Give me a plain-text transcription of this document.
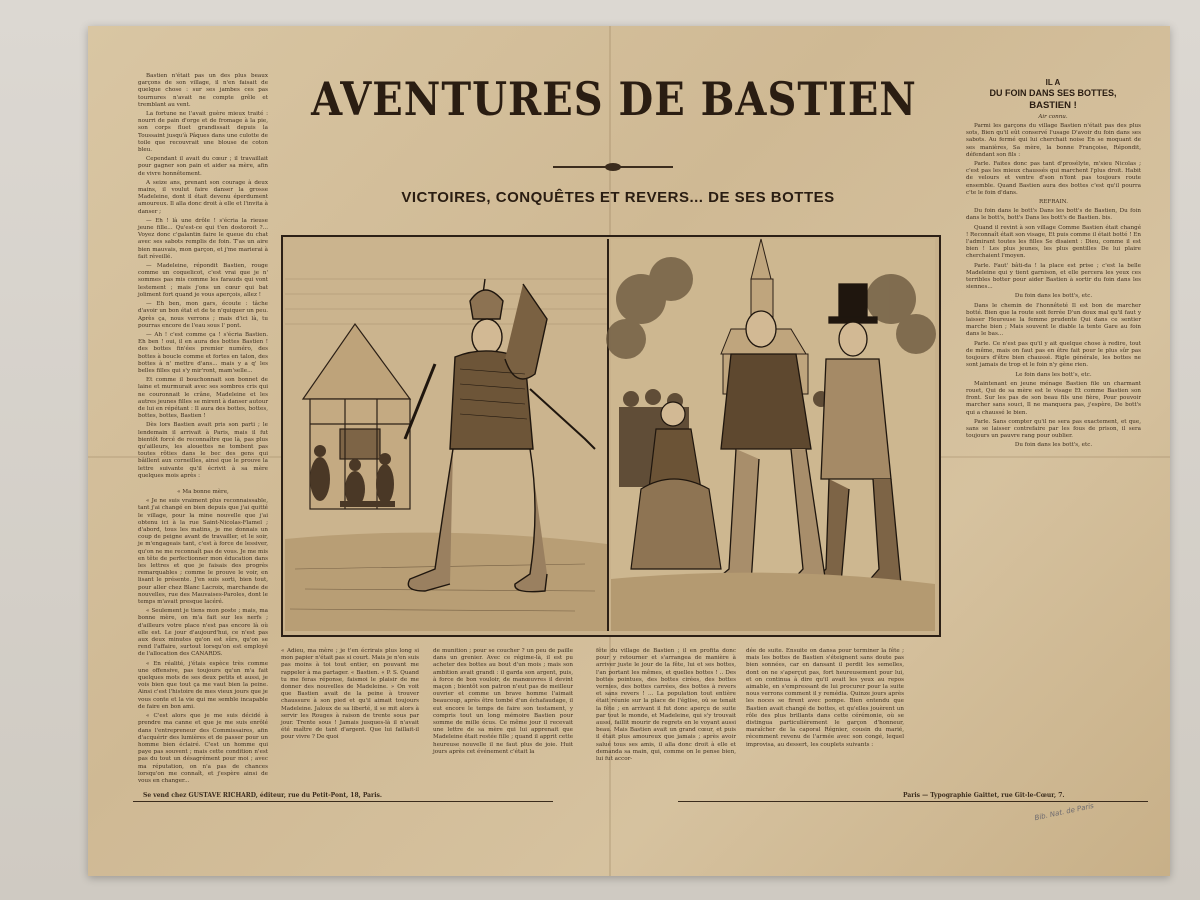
Bastien n'était pas un des plus beaux garçons de son village, il n'en faisait de quelque chose : sur ses jambes ces pas tournures n'avait ne compte grêle et tremblant au vent.

La fortune ne l'avait guère mieux traité : nourri de pain d'orge et de fromage à la pie, son corps fluet grandissait depuis la Toussaint jusqu'à Pâques dans une culotte de toile que recouvrait une blouse de coton bleu.

Cependant il avait du cœur ; il travaillait pour gagner son pain et aider sa mère, afin de vivre honnêtement.

A seize ans, prenant son courage à deux mains, il voulut faire danser la grosse Madeleine, dont il était devenu éperdument amoureux. Il alla donc droit à elle et l'invita à danser ;

— Eh ! là une drôle ! s'écria la rieuse jeune fille... Qu'est-ce qui t'en dostoroit ?... Voyez donc c'galantin faire le queue du chat avec ses sabots remplis de foin. T'as un aire bien mauvais, mon garçon, et j'me marierai à fait réveillé.

— Madeleine, répondit Bastien, rouge comme un coquelicot, c'est vrai que je n' sommes pas mis comme les farauds qui vont lestement ; mais j'ons un cœur qui bat joliment fort quand je vous aperçois, allez !

— Eh ben, mon gars, écoute : tâche d'avoir un bon état et de te n'quiquer un peu. Après ça, nous verrons ; mais d'ici là, tu pourras encore de l'eau sous l' pont.

— Ah ! c'est comme ça ! s'écria Bastien. Eh ben ! oui, il en aura des bottes Bastien ! des bottes fin'ées premier numéro, des bottes à boucle comme et fortes en talon, des bottes à n' mettre d'ans... mais y a q' les belles filles qui s'y mir'ront, mam'selle...

Et comme il bouchonnait son bonnet de laine et murmurait avec ses sombres cris qui ne couronnait le crâne, Madeleine et les autres jeunes filles se mirent à danser autour de lui en répétant : Il aura des bottes, bottes, bottes, bottes, Bastien !

Dès lors Bastien avait pris son parti ; le lendemain il arrivait à Paris, mais il fut bientôt forcé de reconnaître que là, pas plus qu'ailleurs, les alouettes ne tombent pas toutes rôties dans le bec des gens qui bâillent aux corneilles, ainsi que le prouve la lettre suivante qu'il écrivit à sa mère quelques mois après :

« Ma bonne mère,

« Je ne suis vraiment plus reconnaissable, tant j'ai changé en bien depuis que j'ai quitté le village, pour la mine nouvelle que j'ai obtenu ici à la rue Saint-Nicolas-Flamel ; d'abord, tous les matins, je me donnais un coup de peigne avant de travailler, et le soir, je m'engageais tant, c'est à force de lessiver, qu'on ne me reconnaît pas de vous. Je me mis en tête de perfectionner mon éducation dans les lettres et que je faisais des progrès remarquables ; comme le prouve le voir, en lisant le présente. J'en suis sorti, bien tout, pour aller chez Blanc Lacroix, marchande de nouvelles, rue des Mauvaises-Paroles, dont le temps m'avait presque lacéré.

« Seulement je tiens mon poste ; mais, ma bonne mère, on m'a fait sur les nerfs ; d'ailleurs votre place n'est pas encore là où elle est. Le jour d'aujourd'hui, ce n'est pas aux deux minutes qu'on est sûrs, qu'on se rend l'affaire, surtout lorsqu'on est employé de l'allocation des CANARDS.

« En réalité, j'étais espèce très comme une offensive, pas toujours qu'un m'a fait quelques mots de ses deux petits et aussi, je vois bien que tout ça me vaut bien la peine. Ainsi c'est l'histoire de mes vieux jours que je vous conte et la vie qui me semble incapable de faire en bon ami.

« C'est alors que je me suis décidé à prendre ma canne et que je me suis enrôlé dans l'entrepreneur des Commissaires, afin d'acquérir des lumières et de passer pour un homme bien éclairé. C'est un homme qui paye pas souvent ; mais cette condition n'est pas du tout un désagrément pour moi ; avec ma réputation, on n'a pas de chances lorsqu'on me connaît, et j'espère ainsi de vous en changer...

AVENTURES DE BASTIEN
VICTOIRES, CONQUÊTES ET REVERS... DE SES BOTTES
IL A
DU FOIN DANS SES BOTTES,
BASTIEN !
Air connu.

Parmi les garçons du village Bastien n'était pas des plus sots, Bien qu'il eût conservé l'usage D'avoir du foin dans ses sabots. Au fermé qui lui cherchait noise En se moquant de ses manières, Sa mère, la bonne Françoise, Répondit, défendant son fils :

Parle. Faites donc pas tant d'prosélyte, m'sieu Nicolas ; c'est pas les mieux chaussés qui marchent l'plus droit. Habit de velours et ventre d'son n'font pas toujours route ensemble. Quand Bastien aura des bottes c'est qu'il pourra c'te le foin d'dans.

REFRAIN.

Du foin dans le bott's Dans les bott's de Bastien, Du foin dans le bott's, bott's Dans les bott's de Bastien. bis.

Quand il revint à son village Comme Bastien était changé ! Reconnaît était son visage, Et puis comme il était botté ! En l'admirant toutes les filles Se disaient : Dieu, comme il est bien ! Les plus jeunes, les plus gentilles De lui plaire cherchaient l'moyen.

Parle. Faut' bâti-da ! la place est prise ; c'est la belle Madeleine qui y tient garnison, et elle percera les yeux ces terribles botter pour aider Bastien à sortir du foin dans les siennes...

Du foin dans les bott's, etc.

Dans le chemin de l'honnêteté Il est bon de marcher botté. Bien que la route soit ferrée D'un doux mal qu'il faut y laisser Heureuse la femme prudente Qui dans ce sentier marche bien ; Mais souvent le diable la tente Gare au foin dans le bas...

Parle. Ce n'est pas qu'il y ait quelque chose à redire, tout de même, mais on faut pas en être fait pour le plus sûr pas toujours d'être bien chaussé. Rigle générale, les bottes ne sont jamais de trop et le foin n'y gène rien.

Le foin dans les bott's, etc.

Maintenant en jeune ménage Bastien file un charmant rouet, Qui de sa mère est le visage Et comme Bastien son front. Sur les pas de son beau fils une fière, Pour pouvoir marcher sans souci, Il ne manquera pas, j'espère, De bott's qui a chaussé le bien.

Parle. Sans compter qu'il ne sera pas exactement, et que, sans se laisser contrefaire par les fous de prison, il sera toujours un pauvre rang pour oublier.

Du foin dans les bott's, etc.

« Adieu, ma mère ; je t'en écrirais plus long si mon papier n'était pas si court. Mais je n'en suis pas moins à toi tout entier, en pouvant me rappeler à ma partager. « Bastien. « P. S. Quand tu me feras réponse, faismoi le plaisir de me donner des nouvelles de Madeleine. » On voit que Bastien avait de la peine à trouver chaussure à son pied et qu'il aimait toujours Madeleine. Jaloux de sa liberté, il se mit alors à servir les Rouges à raison de trente sous par jour. Trente sous ! Jamais jusques-là il n'avait été maître de tant d'argent. Que lui faillait-il pour vivre ? De quoi
de munition ; pour se coucher ? un peu de paille dans un grenier. Avec ce régime-là, il est pu acheter des bottes au bout d'un mois ; mais son ambition avait grandi : il garda son argent, puis, à force de bon vouloir, de manœuvres il devint maçon ; bientôt son patron n'eut pas de meilleur ouvrier et comme un brave homme l'aimait beaucoup, après être tombé d'un échafaudage, il eut encore le temps de faire son testament, y compris tout un long mémoire Bastien pour somme de mille écus. Ce même jour il recevait une lettre de sa mère qui lui apprenait que Madeleine était restée fille ; quand il apprit cette heureuse nouvelle il ne faut plus de joie. Huit jours après cet événement c'était la
fête du village de Bastien ; il en profita donc pour y retourner et s'arrangea de manière à arriver juste le jour de la fête, lui et ses bottes, l'an portant les mêmes, et quelles bottes ! .. Des bottes pointues, des bottes cirées, des bottes vernies, des bottes carrées, des bottes à revers et sans revers ! ... La population tout entière était réunie sur la place de l'église, où se tenait la fête ; en arrivant il fut donc aperçu de suite par tout le monde, et Madeleine, qui s'y trouvait aussi, faillit mourir de regrets en le voyant aussi beau. Mais Bastien avait un grand cœur, et puis il était plus amoureux que jamais ; après avoir salué tous ses amis, il alla donc droit à elle et demanda sa main, qui, comme on le pense bien, lui fut accor-
dée de suite. Ensuite on dansa pour terminer la fête ; mais les bottes de Bastien s'éteignent sans doute pas bien sonnées, car en dansant il perdit les semelles, dont on ne s'aperçut pas, fort heureusement pour lui, et on continua à dire qu'il avait les yeux au repos aimable, en s'empressant de lui procurer pour la suite nous verrons comment il y remédia. Quinze jours après les noces se firent avec pompe. Bien entendu que Bastien avait changé de bottes, et qu'elles jouèrent un rôle des plus brillants dans cette cérémonie, où se distingua particulièrement le garçon d'honneur, maraîcher de la caporal Régnier, cousin du marié, récemment revenu de l'armée avec son congé, lequel improvisa, au dessert, les couplets suivants :
Se vend chez GUSTAVE RICHARD, éditeur, rue du Petit-Pont, 18, Paris.	Paris — Typographie Gaittet, rue Git-le-Cœur, 7.
Bib. Nat. de Paris
